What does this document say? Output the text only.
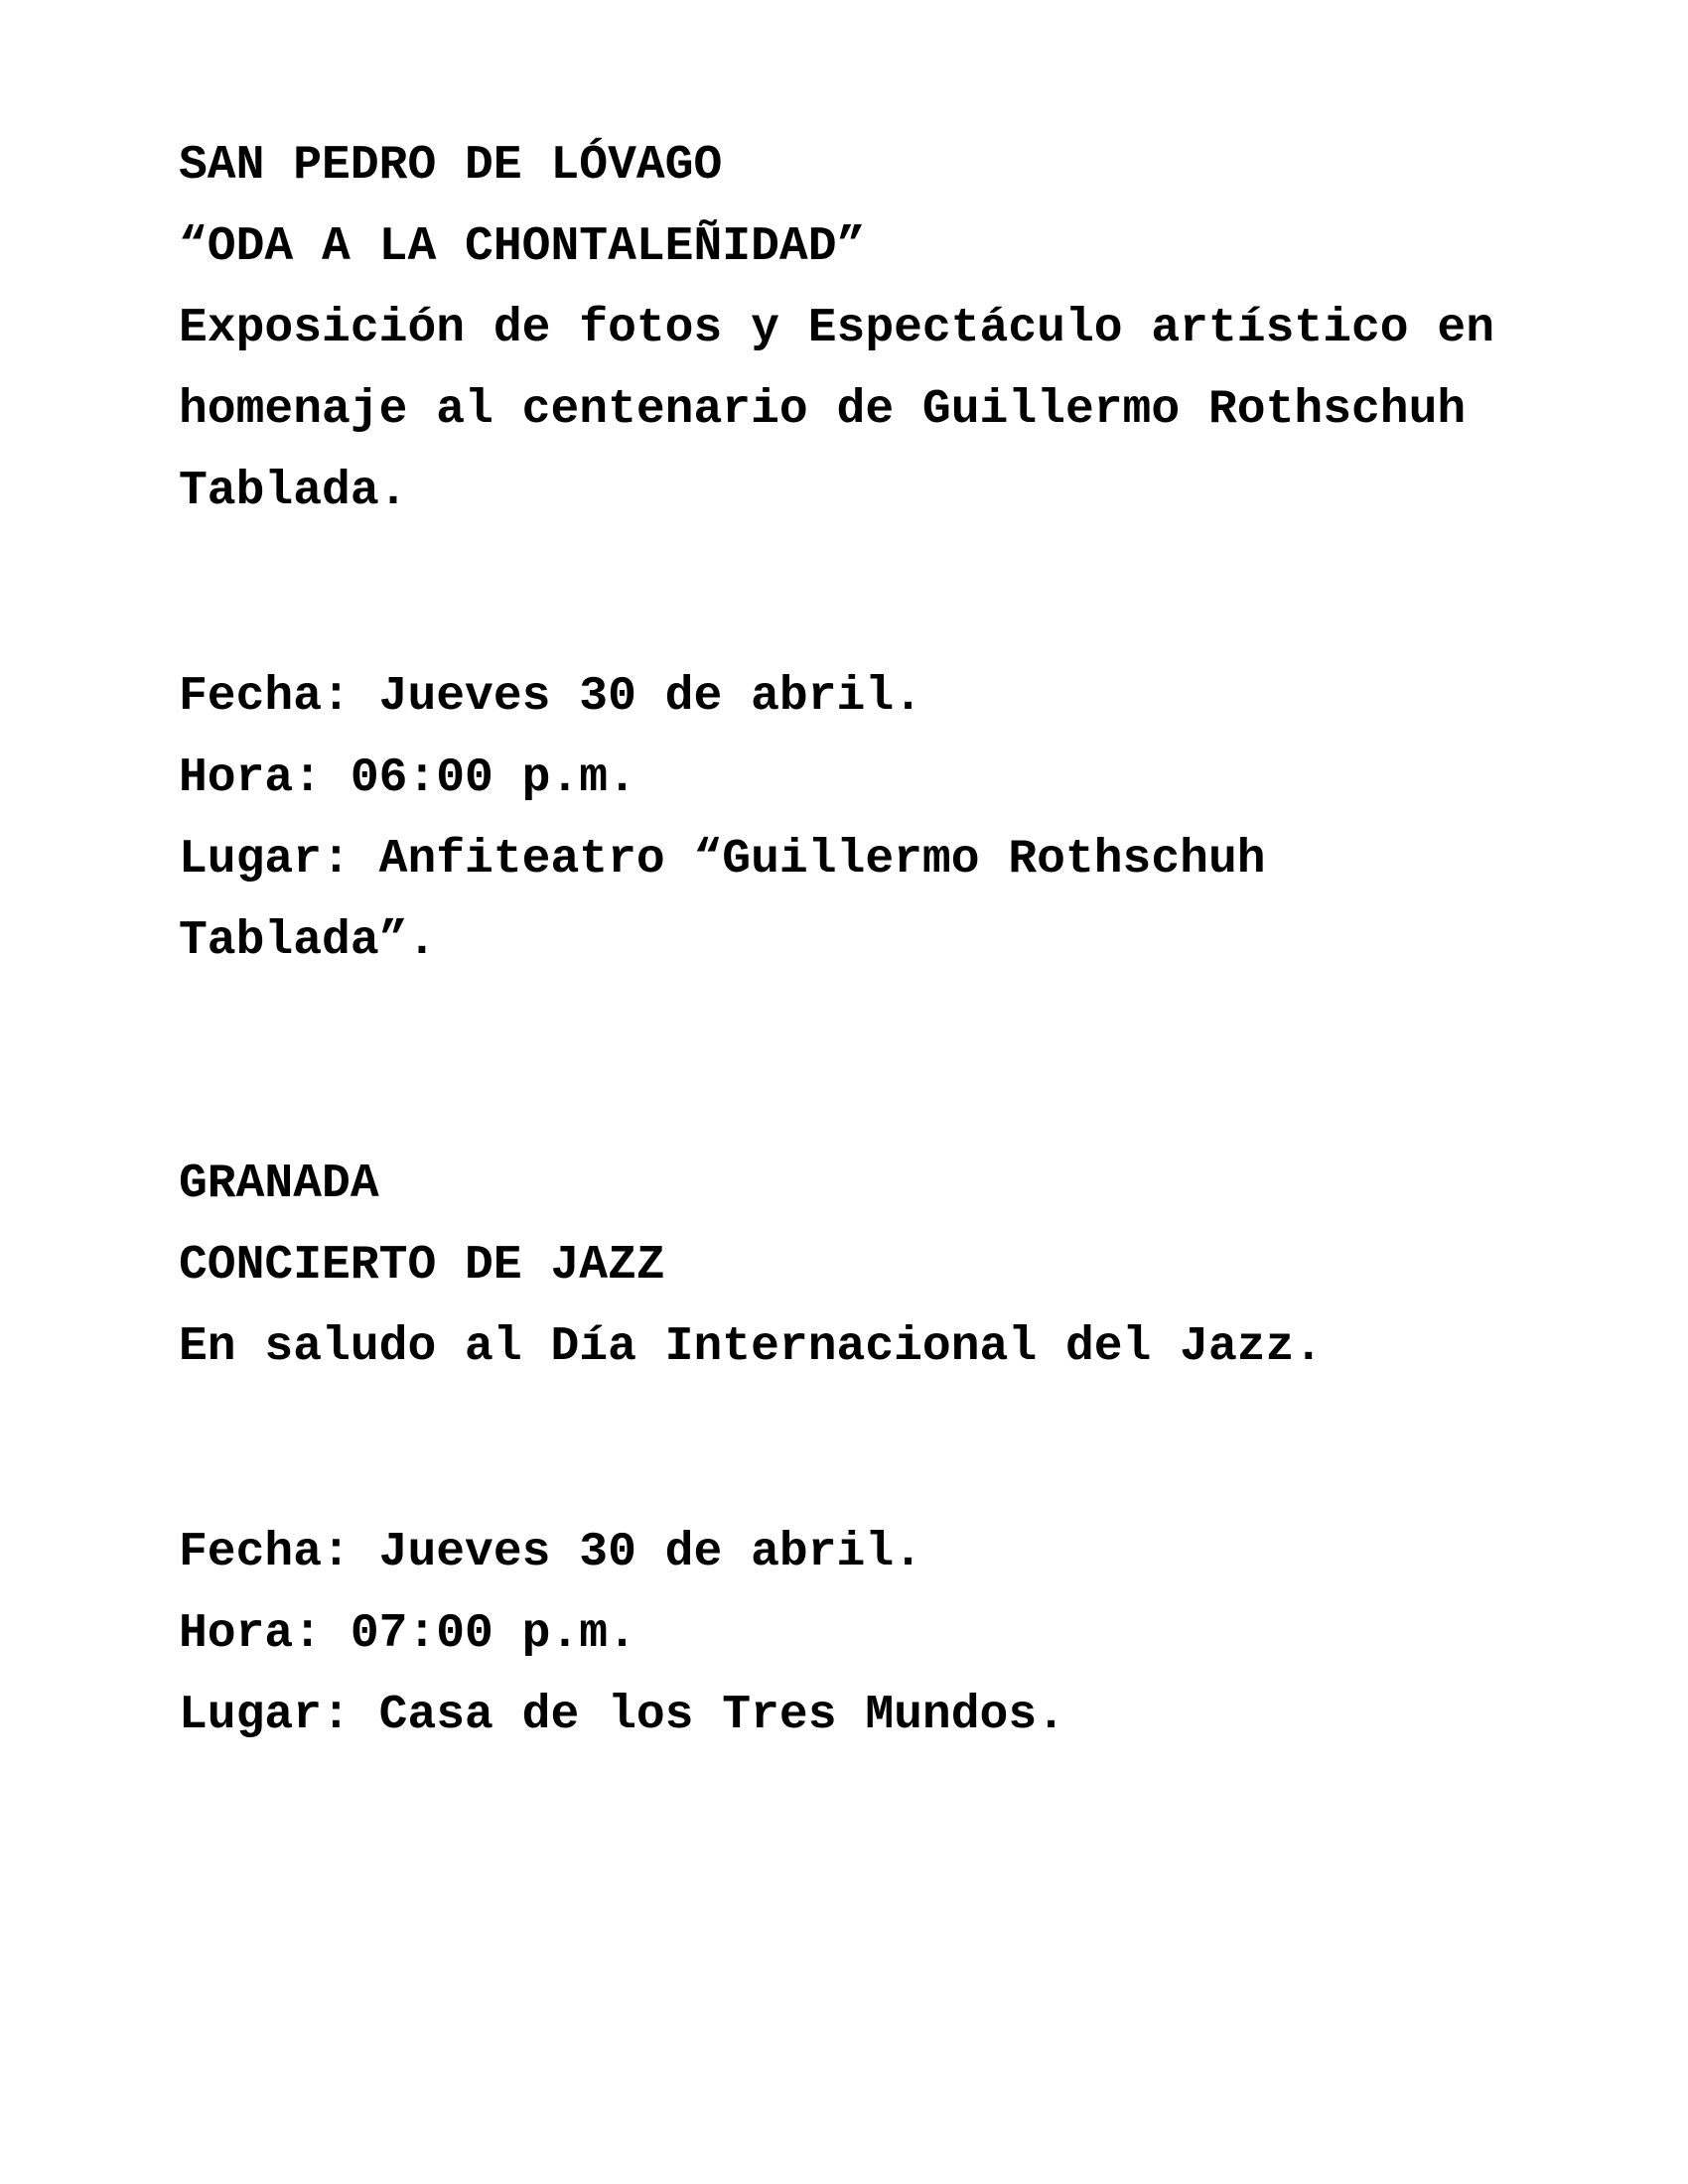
SAN PEDRO DE LÓVAGO

“ODA A LA CHONTALEÑIDAD”

Exposición de fotos y Espectáculo artístico en homenaje al centenario de Guillermo Rothschuh Tablada.

Fecha: Jueves 30 de abril.

Hora: 06:00 p.m.

Lugar: Anfiteatro “Guillermo Rothschuh Tablada”.

GRANADA

CONCIERTO DE JAZZ

En saludo al Día Internacional del Jazz.

Fecha: Jueves 30 de abril.

Hora: 07:00 p.m.

Lugar: Casa de los Tres Mundos.
